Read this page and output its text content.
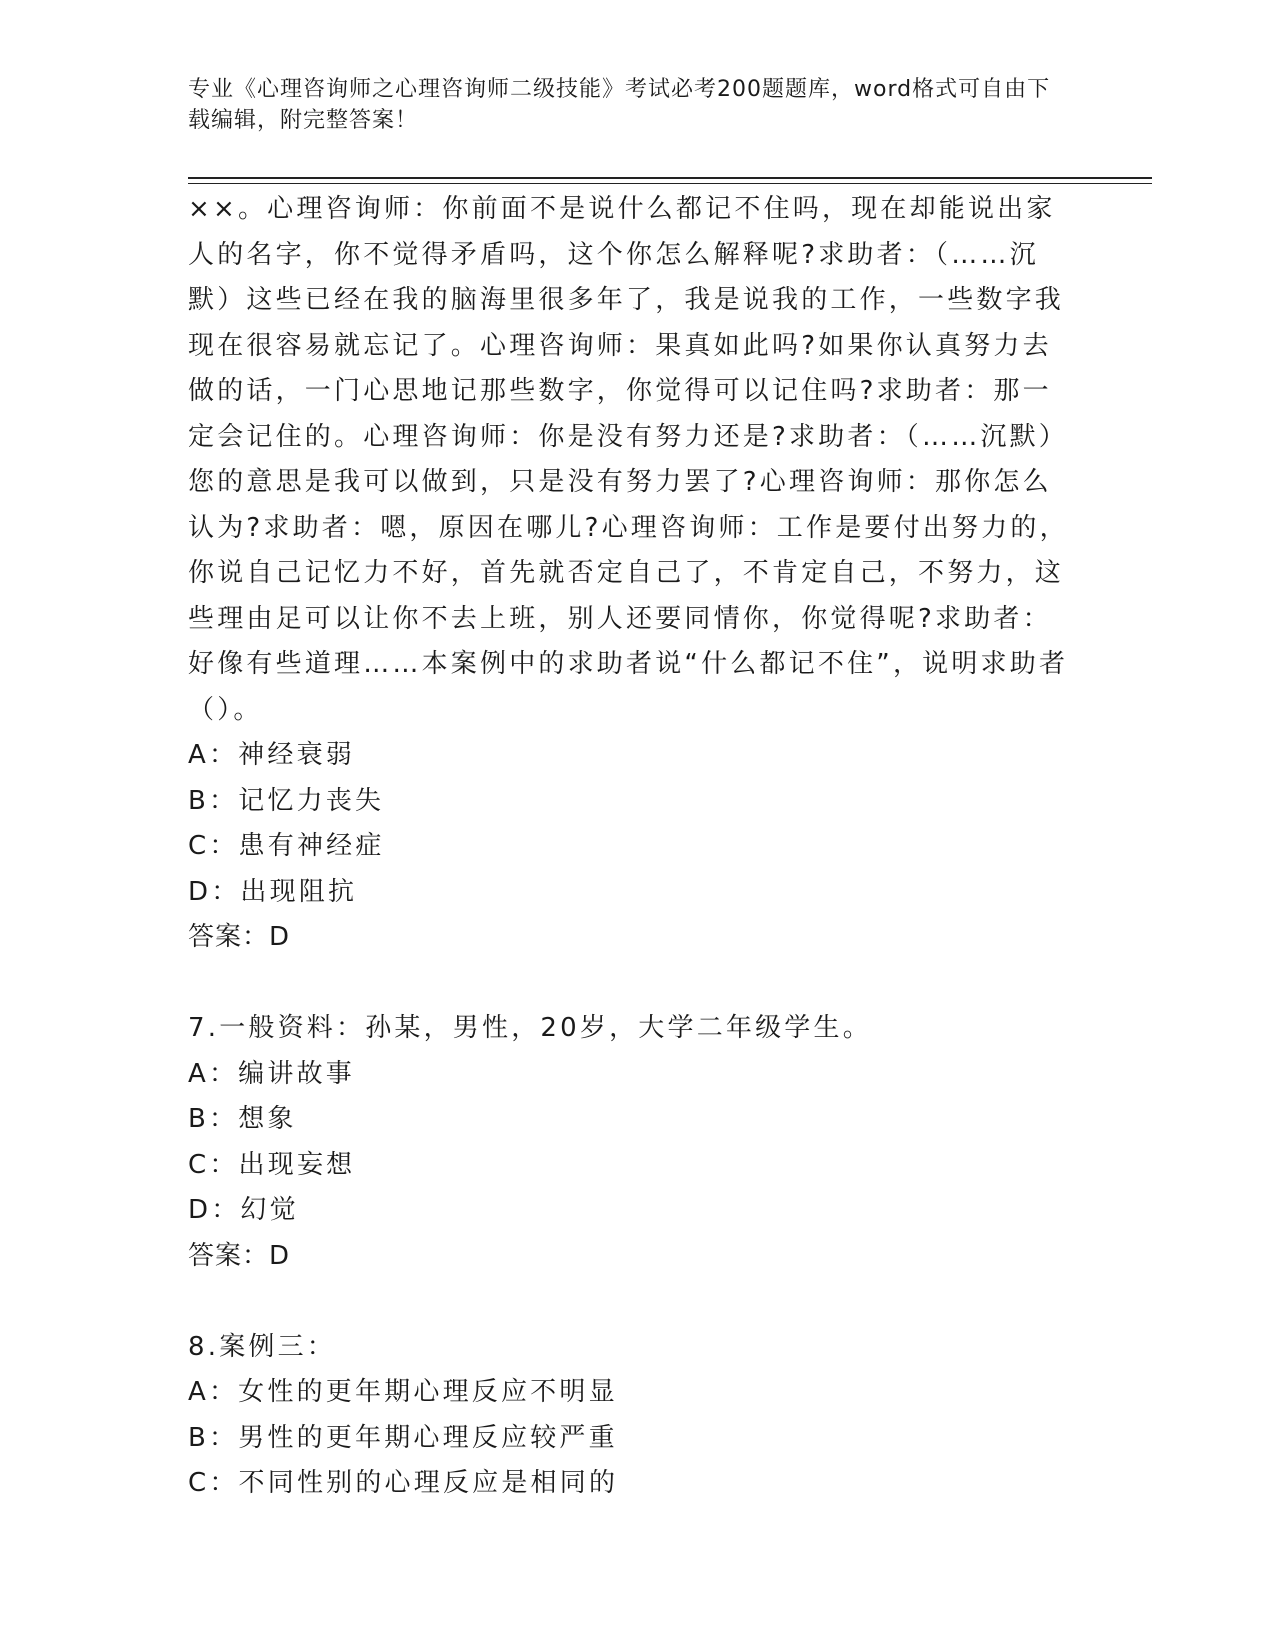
专业《心理咨询师之心理咨询师二级技能》考试必考200题题库，word格式可自由下载编辑，附完整答案！

××。心理咨询师：你前面不是说什么都记不住吗，现在却能说出家人的名字，你不觉得矛盾吗，这个你怎么解释呢?求助者：（……沉默）这些已经在我的脑海里很多年了，我是说我的工作，一些数字我现在很容易就忘记了。心理咨询师：果真如此吗?如果你认真努力去做的话，一门心思地记那些数字，你觉得可以记住吗?求助者：那一定会记住的。心理咨询师：你是没有努力还是?求助者：（……沉默）您的意思是我可以做到，只是没有努力罢了?心理咨询师：那你怎么认为?求助者：嗯，原因在哪儿?心理咨询师：工作是要付出努力的，你说自己记忆力不好，首先就否定自己了，不肯定自己，不努力，这些理由足可以让你不去上班，别人还要同情你，你觉得呢?求助者：好像有些道理……本案例中的求助者说“什么都记不住”，说明求助者（）。

A：神经衰弱

B：记忆力丧失

C：患有神经症

D：出现阻抗

答案：D

7.一般资料：孙某，男性，20岁，大学二年级学生。

A：编讲故事

B：想象

C：出现妄想

D：幻觉

答案：D

8.案例三：

A：女性的更年期心理反应不明显

B：男性的更年期心理反应较严重

C：不同性别的心理反应是相同的
